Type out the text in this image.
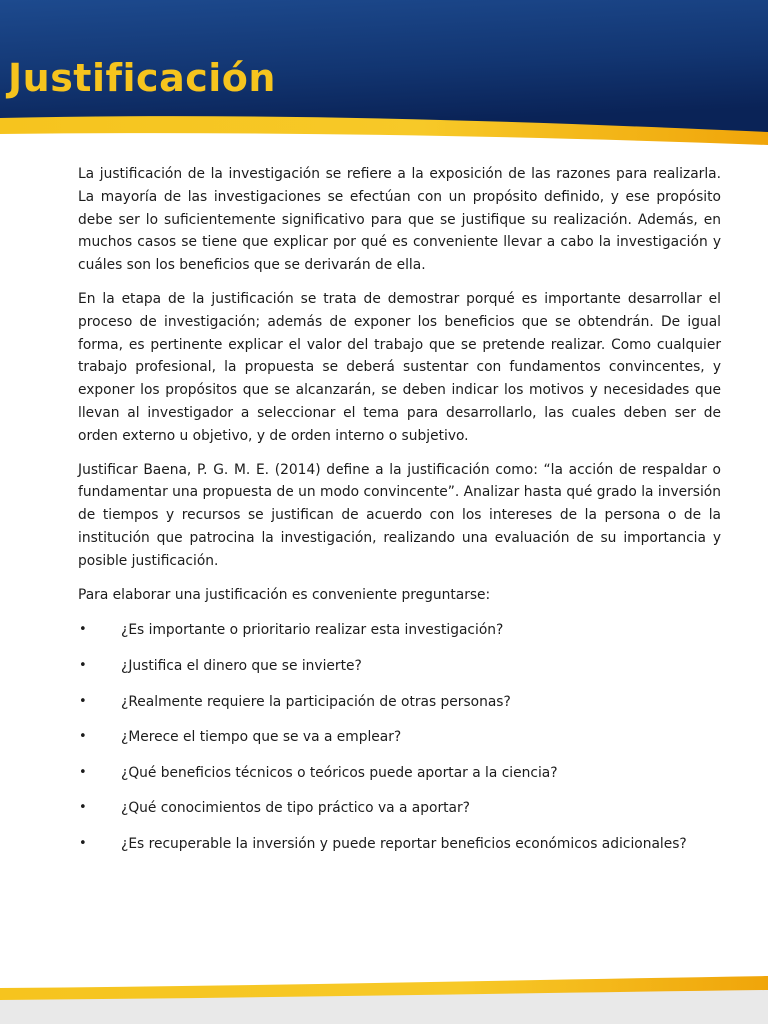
Justificación

La justificación de la investigación se refiere a la exposición de las razones para realizarla. La mayoría de las investigaciones se efectúan con un propósito definido, y ese propósito debe ser lo suficientemente significativo para que se justifique su realización. Además, en muchos casos se tiene que explicar por qué es conveniente llevar a cabo la investigación y cuáles son los beneficios que se derivarán de ella.

En la etapa de la justificación se trata de demostrar porqué es importante desarrollar el proceso de investigación; además de exponer los beneficios que se obtendrán. De igual forma, es pertinente explicar el valor del trabajo que se pretende realizar. Como cualquier trabajo profesional, la propuesta se deberá sustentar con fundamentos convincentes, y exponer los propósitos que se alcanzarán, se deben indicar los motivos y necesidades que llevan al investigador a seleccionar el tema para desarrollarlo, las cuales deben ser de orden externo u objetivo, y de orden interno o subjetivo.

Justificar Baena, P. G. M. E. (2014) define a la justificación como: “la acción de respaldar o fundamentar una propuesta de un modo convincente”. Analizar hasta qué grado la inversión de tiempos y recursos se justifican de acuerdo con los intereses de la persona o de la institución que patrocina la investigación, realizando una evaluación de su importancia y posible justificación.

Para elaborar una justificación es conveniente preguntarse:

• ¿Es importante o prioritario realizar esta investigación?
• ¿Justifica el dinero que se invierte?
• ¿Realmente requiere la participación de otras personas?
• ¿Merece el tiempo que se va a emplear?
• ¿Qué beneficios técnicos o teóricos puede aportar a la ciencia?
• ¿Qué conocimientos de tipo práctico va a aportar?
• ¿Es recuperable la inversión y puede reportar beneficios económicos adicionales?
